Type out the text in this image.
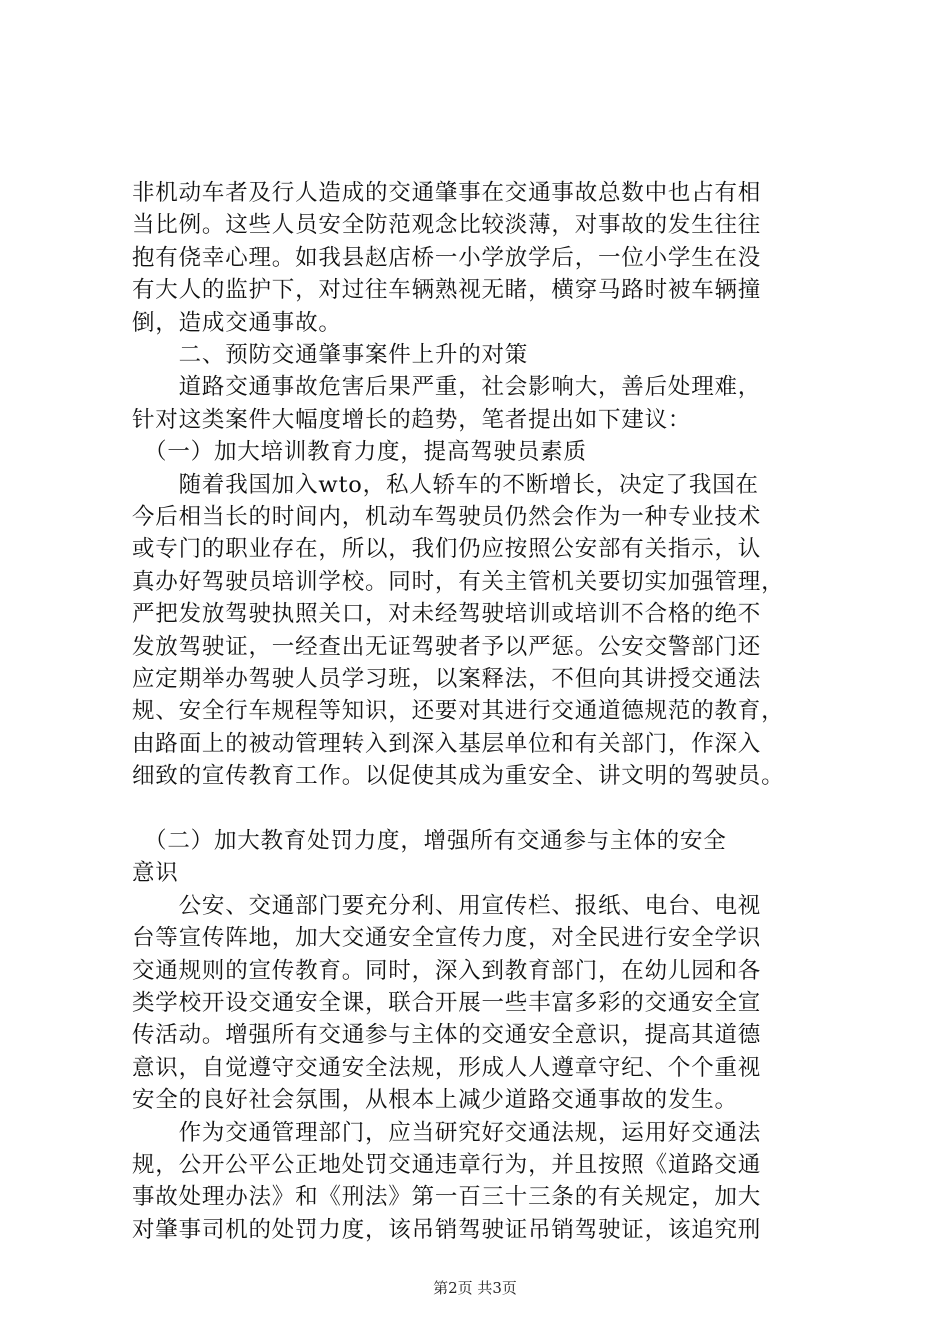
非机动车者及行人造成的交通肇事在交通事故总数中也占有相
当比例。这些人员安全防范观念比较淡薄，对事故的发生往往
抱有侥幸心理。如我县赵店桥一小学放学后，一位小学生在没
有大人的监护下，对过往车辆熟视无睹，横穿马路时被车辆撞
倒，造成交通事故。
　　二、预防交通肇事案件上升的对策
　　道路交通事故危害后果严重，社会影响大，善后处理难，
针对这类案件大幅度增长的趋势，笔者提出如下建议：
　（一）加大培训教育力度，提高驾驶员素质
　　随着我国加入wto，私人轿车的不断增长，决定了我国在
今后相当长的时间内，机动车驾驶员仍然会作为一种专业技术
或专门的职业存在，所以，我们仍应按照公安部有关指示，认
真办好驾驶员培训学校。同时，有关主管机关要切实加强管理，
严把发放驾驶执照关口，对未经驾驶培训或培训不合格的绝不
发放驾驶证，一经查出无证驾驶者予以严惩。公安交警部门还
应定期举办驾驶人员学习班，以案释法，不但向其讲授交通法
规、安全行车规程等知识，还要对其进行交通道德规范的教育，
由路面上的被动管理转入到深入基层单位和有关部门，作深入
细致的宣传教育工作。以促使其成为重安全、讲文明的驾驶员。
　（二）加大教育处罚力度，增强所有交通参与主体的安全
意识
　　公安、交通部门要充分利、用宣传栏、报纸、电台、电视
台等宣传阵地，加大交通安全宣传力度，对全民进行安全学识
交通规则的宣传教育。同时，深入到教育部门，在幼儿园和各
类学校开设交通安全课，联合开展一些丰富多彩的交通安全宣
传活动。增强所有交通参与主体的交通安全意识，提高其道德
意识，自觉遵守交通安全法规，形成人人遵章守纪、个个重视
安全的良好社会氛围，从根本上减少道路交通事故的发生。
　　作为交通管理部门，应当研究好交通法规，运用好交通法
规，公开公平公正地处罚交通违章行为，并且按照《道路交通
事故处理办法》和《刑法》第一百三十三条的有关规定，加大
对肇事司机的处罚力度，该吊销驾驶证吊销驾驶证，该追究刑
第2页 共3页
